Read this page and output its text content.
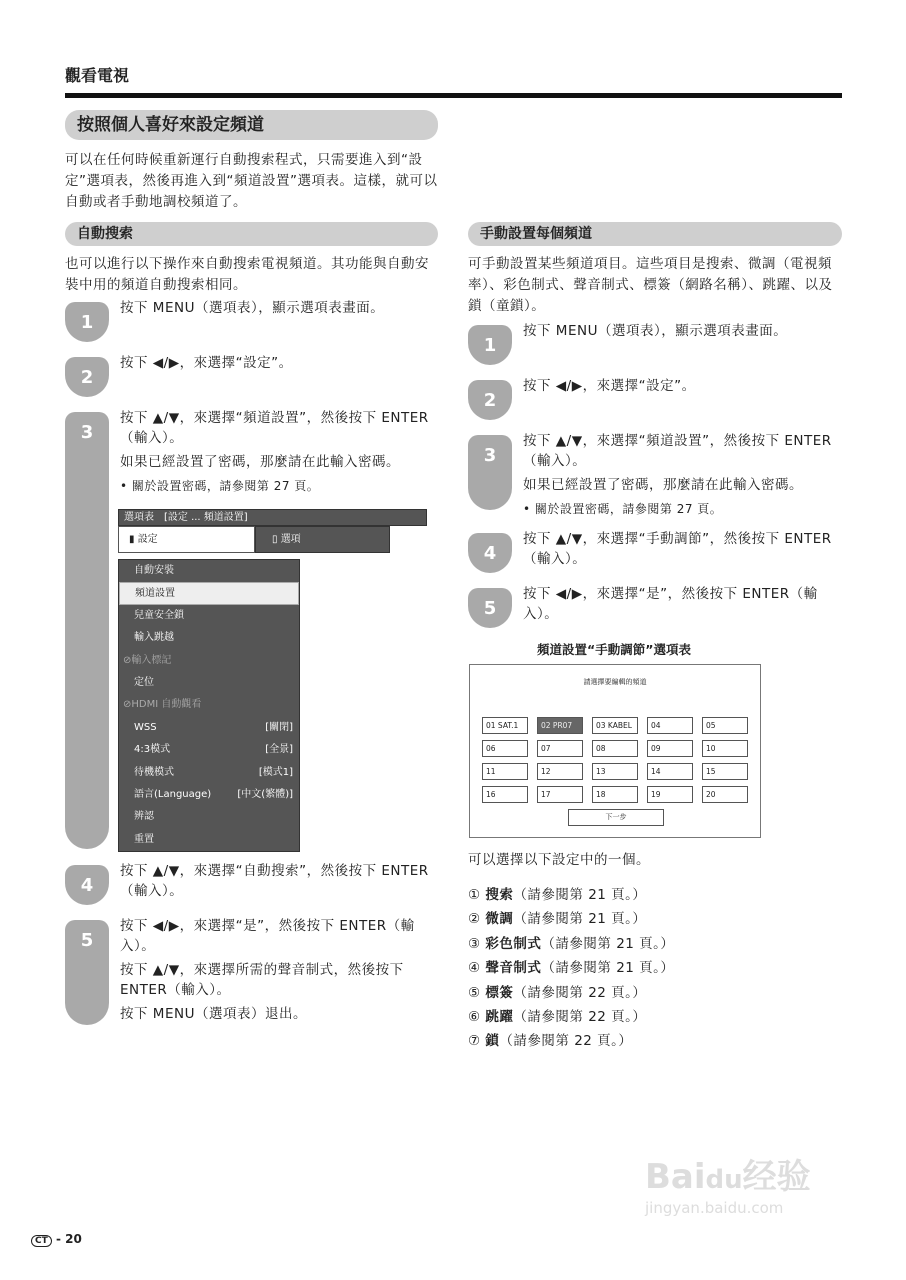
觀看電視
按照個人喜好來設定頻道
可以在任何時候重新運行自動搜索程式，只需要進入到“設定”選項表，然後再進入到“頻道設置”選項表。這樣，就可以自動或者手動地調校頻道了。
自動搜索
也可以進行以下操作來自動搜索電視頻道。其功能與自動安裝中用的頻道自動搜索相同。
1
按下 MENU（選項表），顯示選項表畫面。
2
按下 ◀/▶，來選擇“設定”。
3
按下 ▲/▼，來選擇“頻道設置”，然後按下 ENTER（輸入）。
如果已經設置了密碼，那麼請在此輸入密碼。
• 關於設置密碼，請參閱第 27 頁。
4
按下 ▲/▼，來選擇“自動搜索”，然後按下 ENTER（輸入）。
5
按下 ◀/▶，來選擇“是”，然後按下 ENTER（輸入）。
按下 ▲/▼，來選擇所需的聲音制式，然後按下 ENTER（輸入）。
按下 MENU（選項表）退出。
選項表　[設定 ... 頻道設置]
▮ 設定	▯ 選項
自動安裝
頻道設置
兒童安全鎖
輸入跳越
⊘輸入標記
定位
⊘HDMI 自動觀看
WSS	[關閉]
4:3模式	[全景]
待機模式	[模式1]
語言(Language)	[中文(繁體)]
辨認
重置
手動設置每個頻道
可手動設置某些頻道項目。這些項目是搜索、微調（電視頻率）、彩色制式、聲音制式、標簽（網路名稱）、跳躍、以及鎖（童鎖）。
1
按下 MENU（選項表），顯示選項表畫面。
2
按下 ◀/▶，來選擇“設定”。
3
按下 ▲/▼，來選擇“頻道設置”，然後按下 ENTER（輸入）。
如果已經設置了密碼，那麼請在此輸入密碼。
• 關於設置密碼，請參閱第 27 頁。
4
按下 ▲/▼，來選擇“手動調節”，然後按下 ENTER（輸入）。
5
按下 ◀/▶，來選擇“是”，然後按下 ENTER（輸入）。
頻道設置“手動調節”選項表
請選擇要編輯的頻道
下一步
01 SAT.1	02 PR07	03 KABEL	04	05
06	07	08	09	10
11	12	13	14	15
16	17	18	19	20
可以選擇以下設定中的一個。
① 搜索（請參閱第 21 頁。）
② 微調（請參閱第 21 頁。）
③ 彩色制式（請參閱第 21 頁。）
④ 聲音制式（請參閱第 21 頁。）
⑤ 標簽（請參閱第 22 頁。）
⑥ 跳躍（請參閱第 22 頁。）
⑦ 鎖（請參閱第 22 頁。）
CT - 20
Baidu经验
jingyan.baidu.com
